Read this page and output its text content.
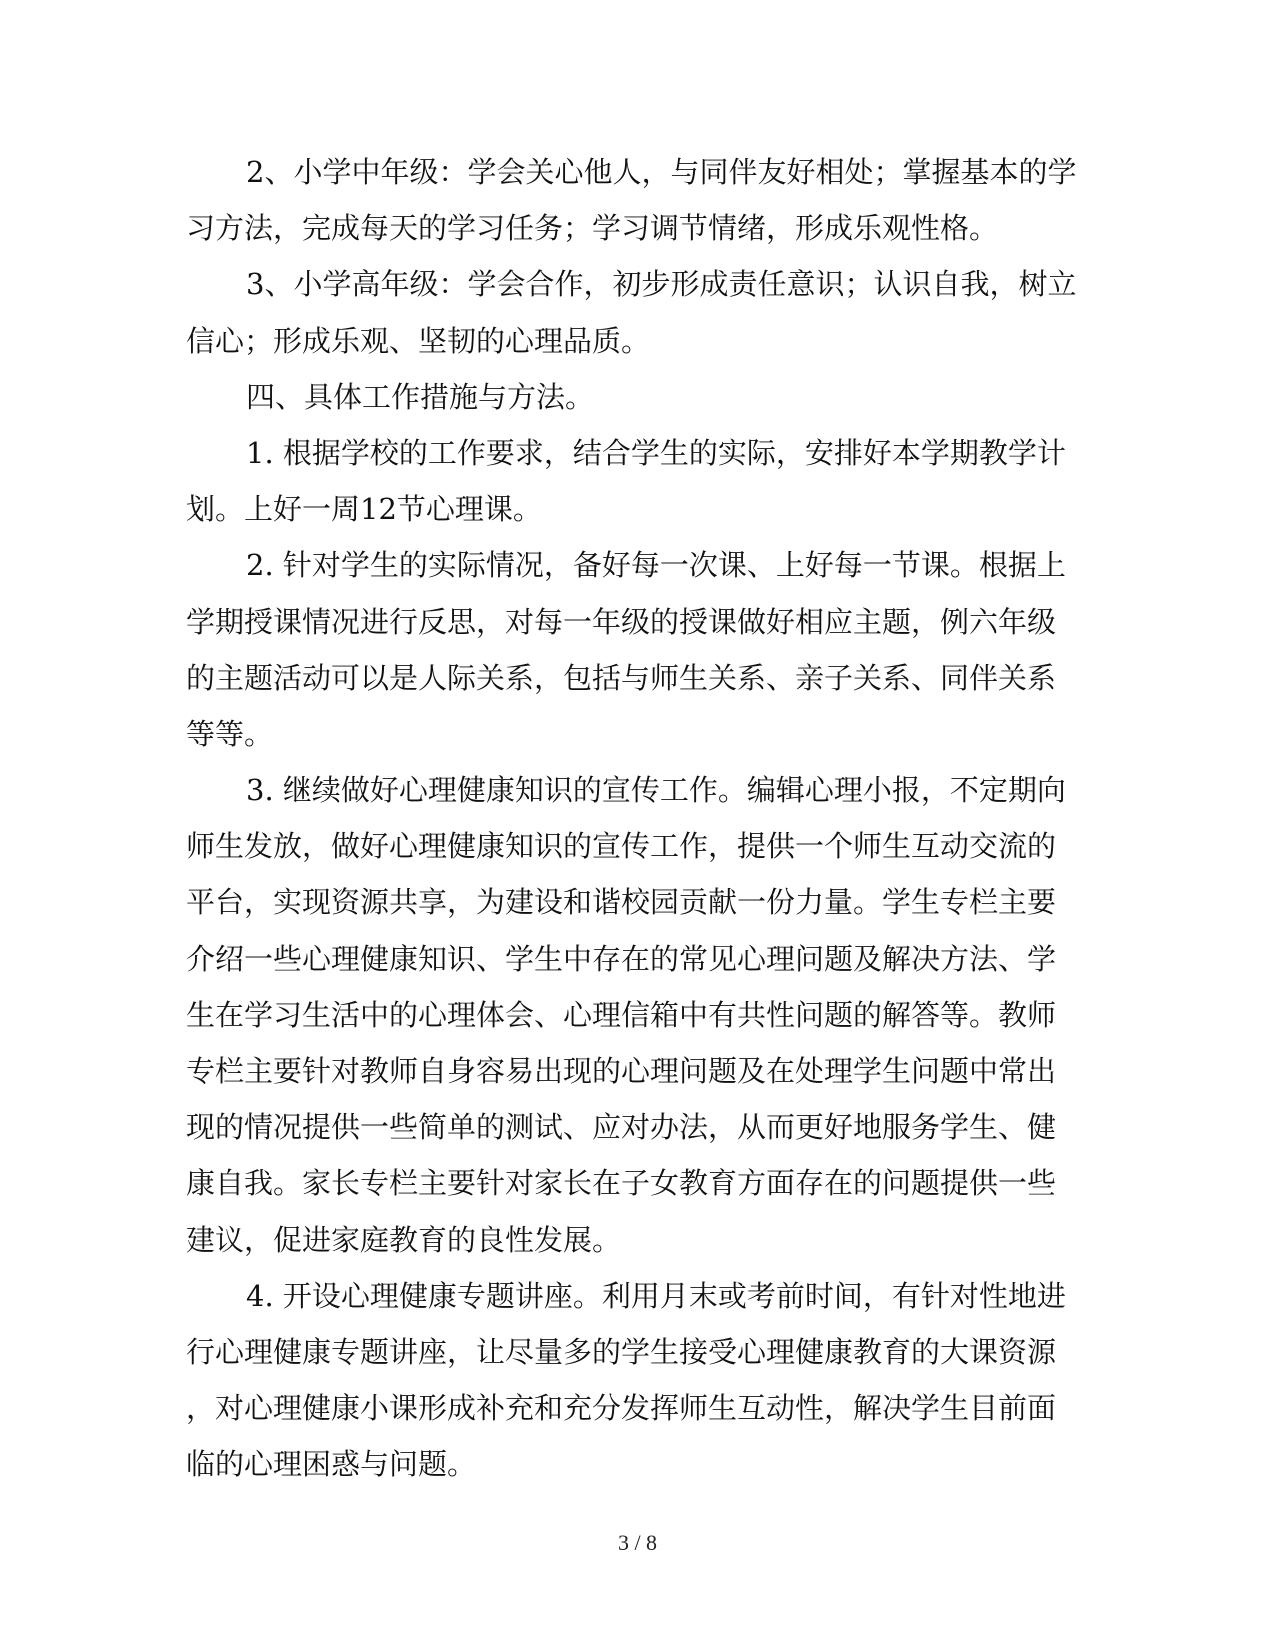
2、小学中年级：学会关心他人，与同伴友好相处；掌握基本的学
习方法，完成每天的学习任务；学习调节情绪，形成乐观性格。
3、小学高年级：学会合作，初步形成责任意识；认识自我，树立
信心；形成乐观、坚韧的心理品质。
四、具体工作措施与方法。
1. 根据学校的工作要求，结合学生的实际，安排好本学期教学计
划。上好一周12节心理课。
2. 针对学生的实际情况，备好每一次课、上好每一节课。根据上
学期授课情况进行反思，对每一年级的授课做好相应主题，例六年级
的主题活动可以是人际关系，包括与师生关系、亲子关系、同伴关系
等等。
3. 继续做好心理健康知识的宣传工作。编辑心理小报，不定期向
师生发放，做好心理健康知识的宣传工作，提供一个师生互动交流的
平台，实现资源共享，为建设和谐校园贡献一份力量。学生专栏主要
介绍一些心理健康知识、学生中存在的常见心理问题及解决方法、学
生在学习生活中的心理体会、心理信箱中有共性问题的解答等。教师
专栏主要针对教师自身容易出现的心理问题及在处理学生问题中常出
现的情况提供一些简单的测试、应对办法，从而更好地服务学生、健
康自我。家长专栏主要针对家长在子女教育方面存在的问题提供一些
建议，促进家庭教育的良性发展。
4. 开设心理健康专题讲座。利用月末或考前时间，有针对性地进
行心理健康专题讲座，让尽量多的学生接受心理健康教育的大课资源
，对心理健康小课形成补充和充分发挥师生互动性，解决学生目前面
临的心理困惑与问题。
3 / 8
